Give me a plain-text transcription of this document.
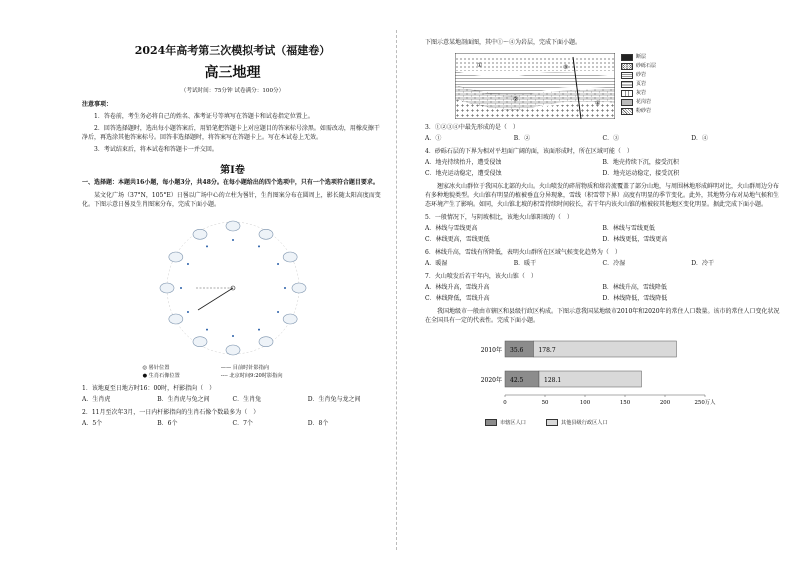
2024年高考第三次模拟考试（福建卷）
高三地理
（考试时间：75分钟 试卷满分：100分）

注意事项：

1．答卷前，考生务必将自己的姓名、准考证号等填写在答题卡和试卷指定位置上。

2．回答选择题时，选出每小题答案后，用铅笔把答题卡上对应题目的答案标号涂黑。如需改动，用橡皮擦干净后，再选涂其他答案标号。回答非选择题时，将答案写在答题卡上。写在本试卷上无效。

3．考试结束后，将本试卷和答题卡一并交回。

第Ⅰ卷

一、选择题：本题共16小题，每小题3分，共48分。在每小题给出的四个选项中，只有一个选项符合题目要求。

某文化广场（37°N，105°E）日晷以广场中心的立柱为晷针，生肖图案分布在圆周上，影长随太阳高度而变化。下图示意日晷及生肖图案分布，完成下面小题。

◎ 晷针位置	—— 目前时针影指向
● 生肖石像位置	---- 北京时间9:20时影指向

1．该地夏至日地方时16：00时，杆影指向（　）

A．生肖虎	B．生肖虎与兔之间	C．生肖兔	D．生肖兔与龙之间

2．11月至次年3月，一日内杆影指向的生肖石像个数最多为（　）

A．5个	B．6个	C．7个	D．8个

下图示意某地剖面图，其中①～④为岩层，完成下面小题。

①
②
③
④
断层
砂砾石层
砂岩
页岩
灰岩
花岗岩
粉砂岩

3．①②③④中最先形成的是（　）

A．①	B．②	C．③	D．④

4．砂砾石层的下界为相对平坦面广阔的面，该面形成时，所在区域可能（　）

A．地壳持续抬升，遭受侵蚀	B．地壳持续下沉，接受沉积
C．地壳运动稳定，遭受侵蚀	D．地壳运动稳定，接受沉积

翘家冰火山群位于我国东北部的火山。火山喷发的碎屑物质和熔岩流覆盖了部分山地，与周围林地形成鲜明对比，火山群周边分布有多种地貌类型。火山锥有明显的植被垂直分异现象，雪线（积雪带下界）高度有明显的季节变化。此外，其地势分布对局地气候和生态环境产生了影响。如同，火山锥北坡的积雪持续时间较长，若干年内该火山锥的植被较其他地区变化明显。据此完成下面小题。

5．一般情况下，与阴坡相比，该地火山锥阳坡的（　）

A．林线与雪线更高	B．林线与雪线更低
C．林线更高，雪线更低	D．林线更低，雪线更高

6．林线升高，雪线有所降低，表明火山群所在区域气候变化趋势为（　）

A．暖湿	B．暖干	C．冷湿	D．冷干

7．火山喷发后若干年内，该火山锥（　）

A．林线升高，雪线升高	B．林线升高，雪线降低
C．林线降低，雪线升高	D．林线降低，雪线降低

我国地级市一般由市辖区和县级行政区构成。下图示意我国某地级市2010年和2020年的常住人口数量。该市的常住人口变化状况在全国具有一定的代表性。完成下面小题。

2010年 35.6	178.7
2020年 42.5	128.1
0	50	100	150	200	250万人
市辖区人口	其他县级行政区人口
